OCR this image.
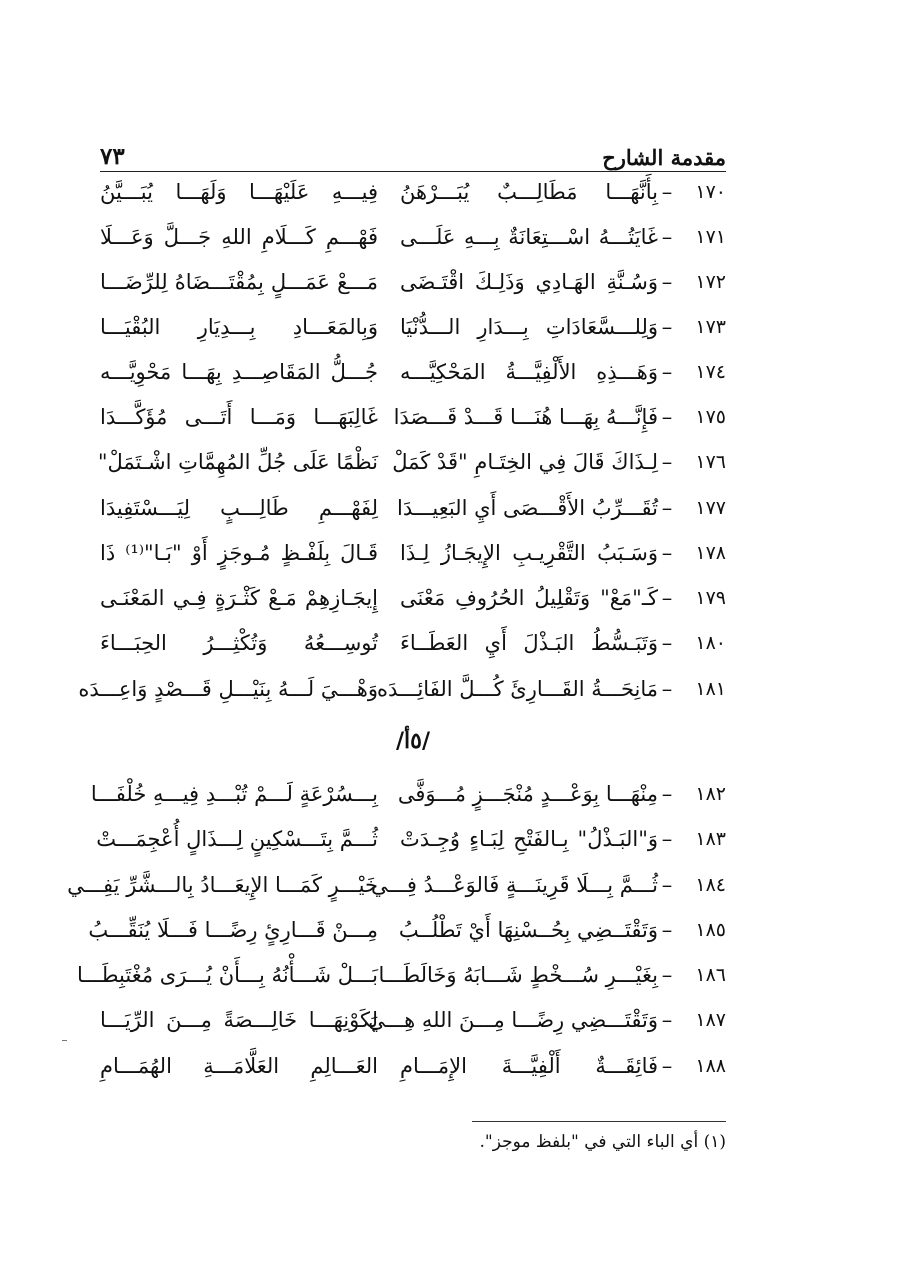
مقدمة الشارح
٧٣
١٧٠
–
بِأَنَّهَـــا مَطَالِـــبٌ يُبَـــرْهَنُ
فِيـــهِ عَلَيْهَـــا وَلَهَـــا يُبَـــيَّنُ
١٧١
–
غَايَتُـــهُ اسْـــتِعَانَةٌ بِـــهِ عَلَـــى
فَهْـــمِ كَـــلَامِ اللهِ جَـــلَّ وَعَـــلَا
١٧٢
–
وَسُـنَّةِ الهَـادِي وَذَلِـكَ اقْتَـضَى
مَـــعْ عَمَـــلٍ بِمُقْتَـــضَاهُ لِلرِّضَـــا
١٧٣
–
وَلِلـــسَّعَادَاتِ بِـــدَارِ الـــدُّنْيَا
وَبِالمَعَـــادِ بِـــدِيَارِ البُقْيَـــا
١٧٤
–
وَهَـــذِهِ الأَلْفِيَّـــةُ المَحْكِيَّـــه
جُـــلُّ المَقَاصِـــدِ بِهَـــا مَحْوِيَّـــه
١٧٥
–
فَإِنَّـــهُ بِهَـــا هُنَـــا قَـــدْ قَـــصَدَا
غَالِبَهَـــا وَمَـــا أَتَـــى مُؤَكَّـــدَا
١٧٦
–
لِـذَاكَ قَالَ فِي الخِتَـامِ "قَدْ كَمَلْ
نَظْمًا عَلَى جُلِّ المُهِمَّاتِ اشْـتَمَلْ"
١٧٧
–
تُقَـــرِّبُ الأَقْـــصَى أَيِ البَعِيـــدَا
لِفَهْـــمِ طَالِـــبٍ لِيَـــسْتَفِيدَا
١٧٨
–
وَسَـبَبُ التَّقْرِيـبِ الإِيجَـازُ لِـذَا
قَـالَ بِلَفْـظٍ مُـوجَزٍ أَوْ "بَـا"⁽¹⁾ ذَا
١٧٩
–
كَـ"مَعْ" وَتَقْلِيلُ الحُرُوفِ مَعْنَى
إِيجَـازِهِمْ مَـعْ كَثْـرَةٍ فِـي المَعْنَـى
١٨٠
–
وَتَبَـسُّطُ البَـذْلَ أَيِ العَطَــاءَ
تُوسِـــعُهُ وَتُكْثِـــرُ الحِبَـــاءَ
١٨١
–
مَانِحَـــةُ القَـــارِئَ كُـــلَّ الفَائِـــدَه
وَهْـــيَ لَـــهُ بِنَيْـــلِ قَـــصْدٍ وَاعِـــدَه
١٨٢
–
مِنْهَـــا بِوَعْـــدٍ مُنْجَـــزٍ مُـــوَفَّى
بِـــسُرْعَةٍ لَـــمْ تُبْـــدِ فِيـــهِ خُلْفَـــا
١٨٣
–
وَ"البَـذْلُ" بِـالفَتْحِ لِبَـاءٍ وُجِـدَتْ
ثُـــمَّ بِتَـــسْكِينٍ لِـــذَالٍ أُعْجِمَـــتْ
١٨٤
–
ثُـــمَّ بِـــلَا قَرِينَـــةٍ فَالوَعْـــدُ فِـــي
خَيْـــرٍ كَمَـــا الإِيعَـــادُ بِالـــشَّرِّ يَفِـــي
١٨٥
–
وَتَقْتَــضِي بِحُــسْنِهَا أَيْ تَطْلُــبُ
مِـــنْ قَـــارِئٍ رِضًـــا فَـــلَا يُنَقِّـــبُ
١٨٦
–
بِغَيْـــرِ سُـــخْطٍ شَـــابَهُ وَخَالَطَـــا
بَـــلْ شَـــأْنُهُ بِـــأَنْ يُـــرَى مُغْتَبِطَـــا
١٨٧
–
وَتَقْتَـــضِي رِضًـــا مِـــنَ اللهِ هِـــيَ
لِكَوْنِهَـــا خَالِـــصَةً مِـــنَ الرِّيَـــا
١٨٨
–
فَائِقَـــةٌ أَلْفِيَّـــةَ الإِمَـــامِ
العَـــالِمِ العَلَّامَـــةِ الهُمَـــامِ
/٥أ/
(١) أي الباء التي في "بلفظ موجز".
